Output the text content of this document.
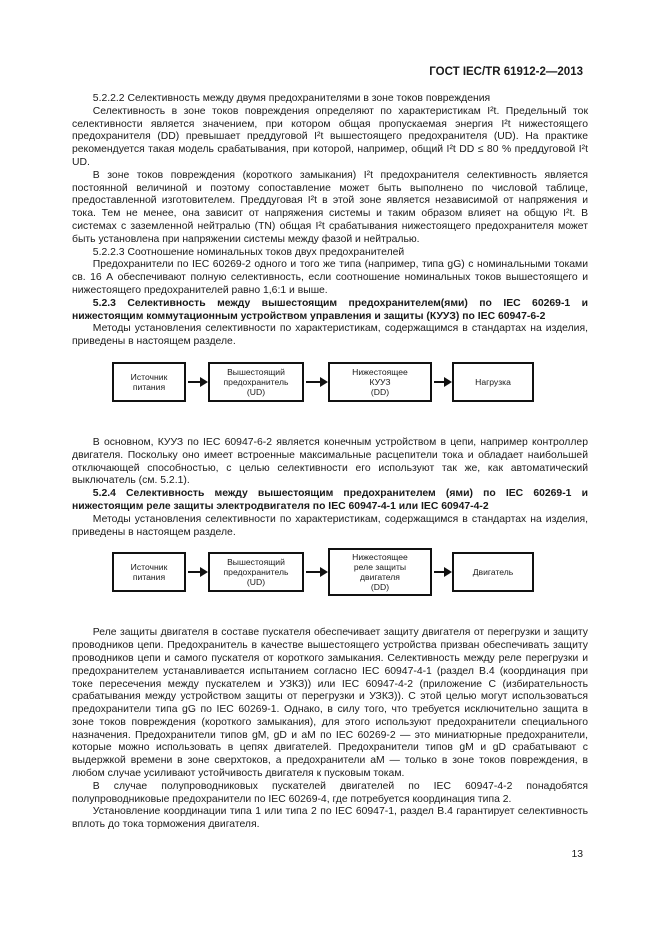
ГОСТ IEC/TR 61912-2—2013

5.2.2.2 Селективность между двумя предохранителями в зоне токов повреждения

Селективность в зоне токов повреждения определяют по характеристикам I²t. Предельный ток селективности является значением, при котором общая пропускаемая энергия I²t нижестоящего предохранителя (DD) превышает преддуговой I²t вышестоящего предохранителя (UD). На практике рекомендуется такая модель срабатывания, при которой, например, общий I²t DD ≤ 80 % преддуговой I²t UD.

В зоне токов повреждения (короткого замыкания) I²t предохранителя селективность является постоянной величиной и поэтому сопоставление может быть выполнено по числовой таблице, предоставленной изготовителем. Преддуговая I²t в этой зоне является независимой от напряжения и тока. Тем не менее, она зависит от напряжения системы и таким образом влияет на общую I²t. В системах с заземленной нейтралью (TN) общая I²t срабатывания нижестоящего предохранителя может быть установлена при напряжении системы между фазой и нейтралью.

5.2.2.3 Соотношение номинальных токов двух предохранителей

Предохранители по IEC 60269-2 одного и того же типа (например, типа gG) с номинальными токами св. 16 А обеспечивают полную селективность, если соотношение номинальных токов вышестоящего и нижестоящего предохранителей равно 1,6:1 и выше.

5.2.3 Селективность между вышестоящим предохранителем(ями) по IEC 60269-1 и нижестоящим коммутационным устройством управления и защиты (КУУЗ) по IEC 60947-6-2

Методы установления селективности по характеристикам, содержащимся в стандартах на изделия, приведены в настоящем разделе.

Источник
питания
Вышестоящий
предохранитель
(UD)
Нижестоящее
КУУЗ
(DD)
Нагрузка

В основном, КУУЗ по IEC 60947-6-2 является конечным устройством в цепи, например контроллер двигателя. Поскольку оно имеет встроенные максимальные расцепители тока и обладает наибольшей отключающей способностью, с целью селективности его используют так же, как автоматический выключатель (см. 5.2.1).

5.2.4 Селективность между вышестоящим предохранителем (ями) по IEC 60269-1 и нижестоящим реле защиты электродвигателя по IEC 60947-4-1 или IEC 60947-4-2

Методы установления селективности по характеристикам, содержащимся в стандартах на изделия, приведены в настоящем разделе.

Источник
питания
Вышестоящий
предохранитель
(UD)
Нижестоящее
реле защиты
двигателя
(DD)
Двигатель

Реле защиты двигателя в составе пускателя обеспечивает защиту двигателя от перегрузки и защиту проводников цепи. Предохранитель в качестве вышестоящего устройства призван обеспечивать защиту проводников цепи и самого пускателя от короткого замыкания. Селективность между реле перегрузки и предохранителем устанавливается испытанием согласно IEC 60947-4-1 (раздел В.4 (координация при токе пересечения между пускателем и УЗКЗ)) или IEC 60947-4-2 (приложение С (избирательность срабатывания между устройством защиты от перегрузки и УЗКЗ)). С этой целью могут использоваться предохранители типа gG по IEC 60269-1. Однако, в силу того, что требуется исключительно защита в зоне токов повреждения (короткого замыкания), для этого используют предохранители специального назначения. Предохранители типов gM, gD и aM по IEC 60269-2 — это миниатюрные предохранители, которые можно использовать в цепях двигателей. Предохранители типов gM и gD срабатывают с выдержкой времени в зоне сверхтоков, а предохранители aM — только в зоне токов повреждения, в любом случае усиливают устойчивость двигателя к пусковым токам.

В случае полупроводниковых пускателей двигателей по IEC 60947-4-2 понадобятся полупроводниковые предохранители по IEC 60269-4, где потребуется координация типа 2.

Установление координации типа 1 или типа 2 по IEC 60947-1, раздел В.4 гарантирует селективность вплоть до тока торможения двигателя.

13
